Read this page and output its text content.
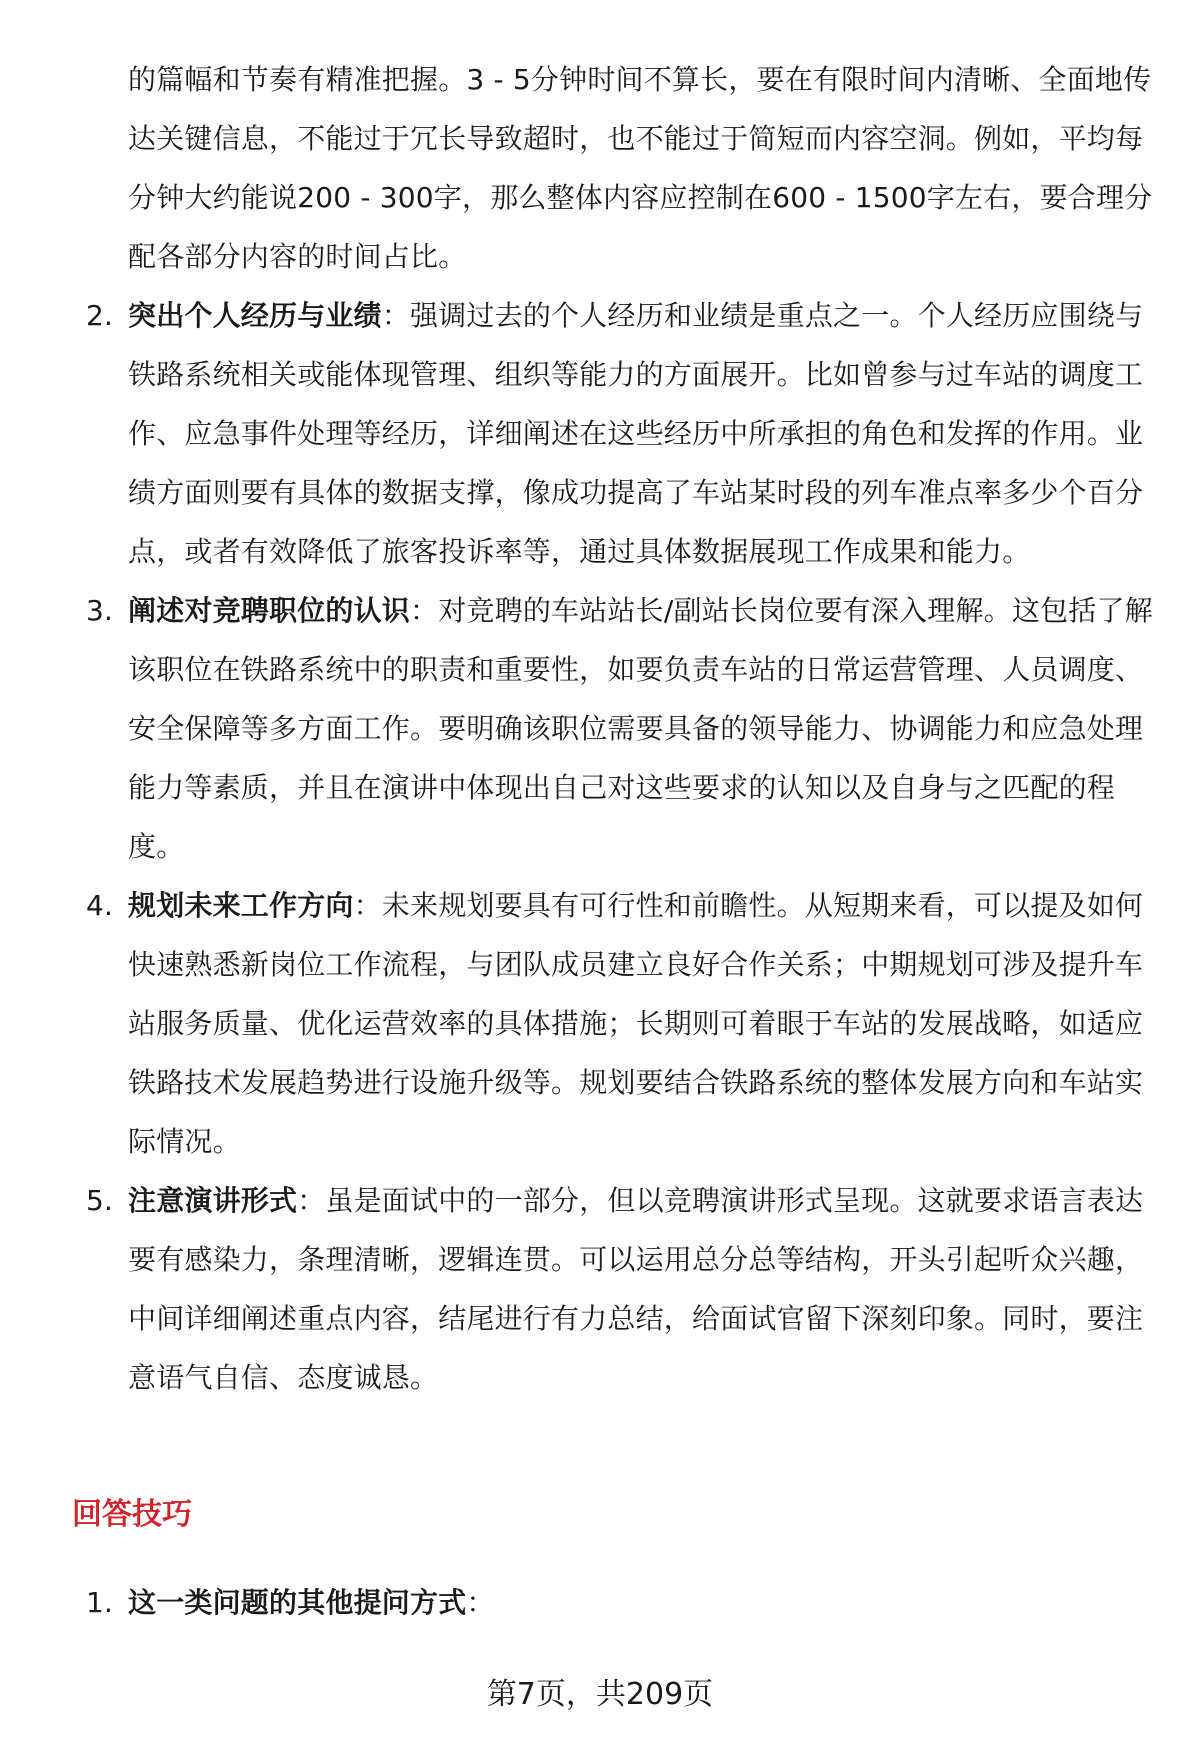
的篇幅和节奏有精准把握。3 - 5分钟时间不算长，要在有限时间内清晰、全面地传达关键信息，不能过于冗长导致超时，也不能过于简短而内容空洞。例如，平均每分钟大约能说200 - 300字，那么整体内容应控制在600 - 1500字左右，要合理分配各部分内容的时间占比。
2. 突出个人经历与业绩：强调过去的个人经历和业绩是重点之一。个人经历应围绕与铁路系统相关或能体现管理、组织等能力的方面展开。比如曾参与过车站的调度工作、应急事件处理等经历，详细阐述在这些经历中所承担的角色和发挥的作用。业绩方面则要有具体的数据支撑，像成功提高了车站某时段的列车准点率多少个百分点，或者有效降低了旅客投诉率等，通过具体数据展现工作成果和能力。
3. 阐述对竞聘职位的认识：对竞聘的车站站长/副站长岗位要有深入理解。这包括了解该职位在铁路系统中的职责和重要性，如要负责车站的日常运营管理、人员调度、安全保障等多方面工作。要明确该职位需要具备的领导能力、协调能力和应急处理能力等素质，并且在演讲中体现出自己对这些要求的认知以及自身与之匹配的程度。
4. 规划未来工作方向：未来规划要具有可行性和前瞻性。从短期来看，可以提及如何快速熟悉新岗位工作流程，与团队成员建立良好合作关系；中期规划可涉及提升车站服务质量、优化运营效率的具体措施；长期则可着眼于车站的发展战略，如适应铁路技术发展趋势进行设施升级等。规划要结合铁路系统的整体发展方向和车站实际情况。
5. 注意演讲形式：虽是面试中的一部分，但以竞聘演讲形式呈现。这就要求语言表达要有感染力，条理清晰，逻辑连贯。可以运用总分总等结构，开头引起听众兴趣，中间详细阐述重点内容，结尾进行有力总结，给面试官留下深刻印象。同时，要注意语气自信、态度诚恳。
回答技巧
1. 这一类问题的其他提问方式：
第7页，共209页
